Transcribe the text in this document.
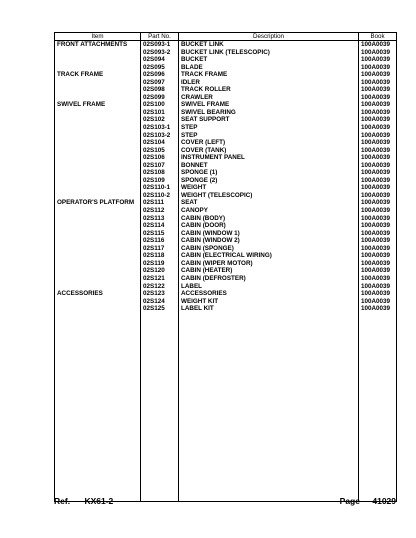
Item	Part No.	Description	Book
FRONT ATTACHMENTS	02S093-1	BUCKET LINK	100A0039
	02S093-2	BUCKET LINK (TELESCOPIC)	100A0039
	02S094	BUCKET	100A0039
	02S095	BLADE	100A0039
TRACK FRAME	02S096	TRACK FRAME	100A0039
	02S097	IDLER	100A0039
	02S098	TRACK ROLLER	100A0039
	02S099	CRAWLER	100A0039
SWIVEL FRAME	02S100	SWIVEL FRAME	100A0039
	02S101	SWIVEL BEARING	100A0039
	02S102	SEAT SUPPORT	100A0039
	02S103-1	STEP	100A0039
	02S103-2	STEP	100A0039
	02S104	COVER (LEFT)	100A0039
	02S105	COVER (TANK)	100A0039
	02S106	INSTRUMENT PANEL	100A0039
	02S107	BONNET	100A0039
	02S108	SPONGE (1)	100A0039
	02S109	SPONGE (2)	100A0039
	02S110-1	WEIGHT	100A0039
	02S110-2	WEIGHT (TELESCOPIC)	100A0039
OPERATOR'S PLATFORM	02S111	SEAT	100A0039
	02S112	CANOPY	100A0039
	02S113	CABIN (BODY)	100A0039
	02S114	CABIN (DOOR)	100A0039
	02S115	CABIN (WINDOW 1)	100A0039
	02S116	CABIN (WINDOW 2)	100A0039
	02S117	CABIN (SPONGE)	100A0039
	02S118	CABIN (ELECTRICAL WIRING)	100A0039
	02S119	CABIN (WIPER MOTOR)	100A0039
	02S120	CABIN (HEATER)	100A0039
	02S121	CABIN (DEFROSTER)	100A0039
	02S122	LABEL	100A0039
ACCESSORIES	02S123	ACCESSORIES	100A0039
	02S124	WEIGHT KIT	100A0039
	02S125	LABEL KIT	100A0039

Ref. KX61-2	Page 41029
